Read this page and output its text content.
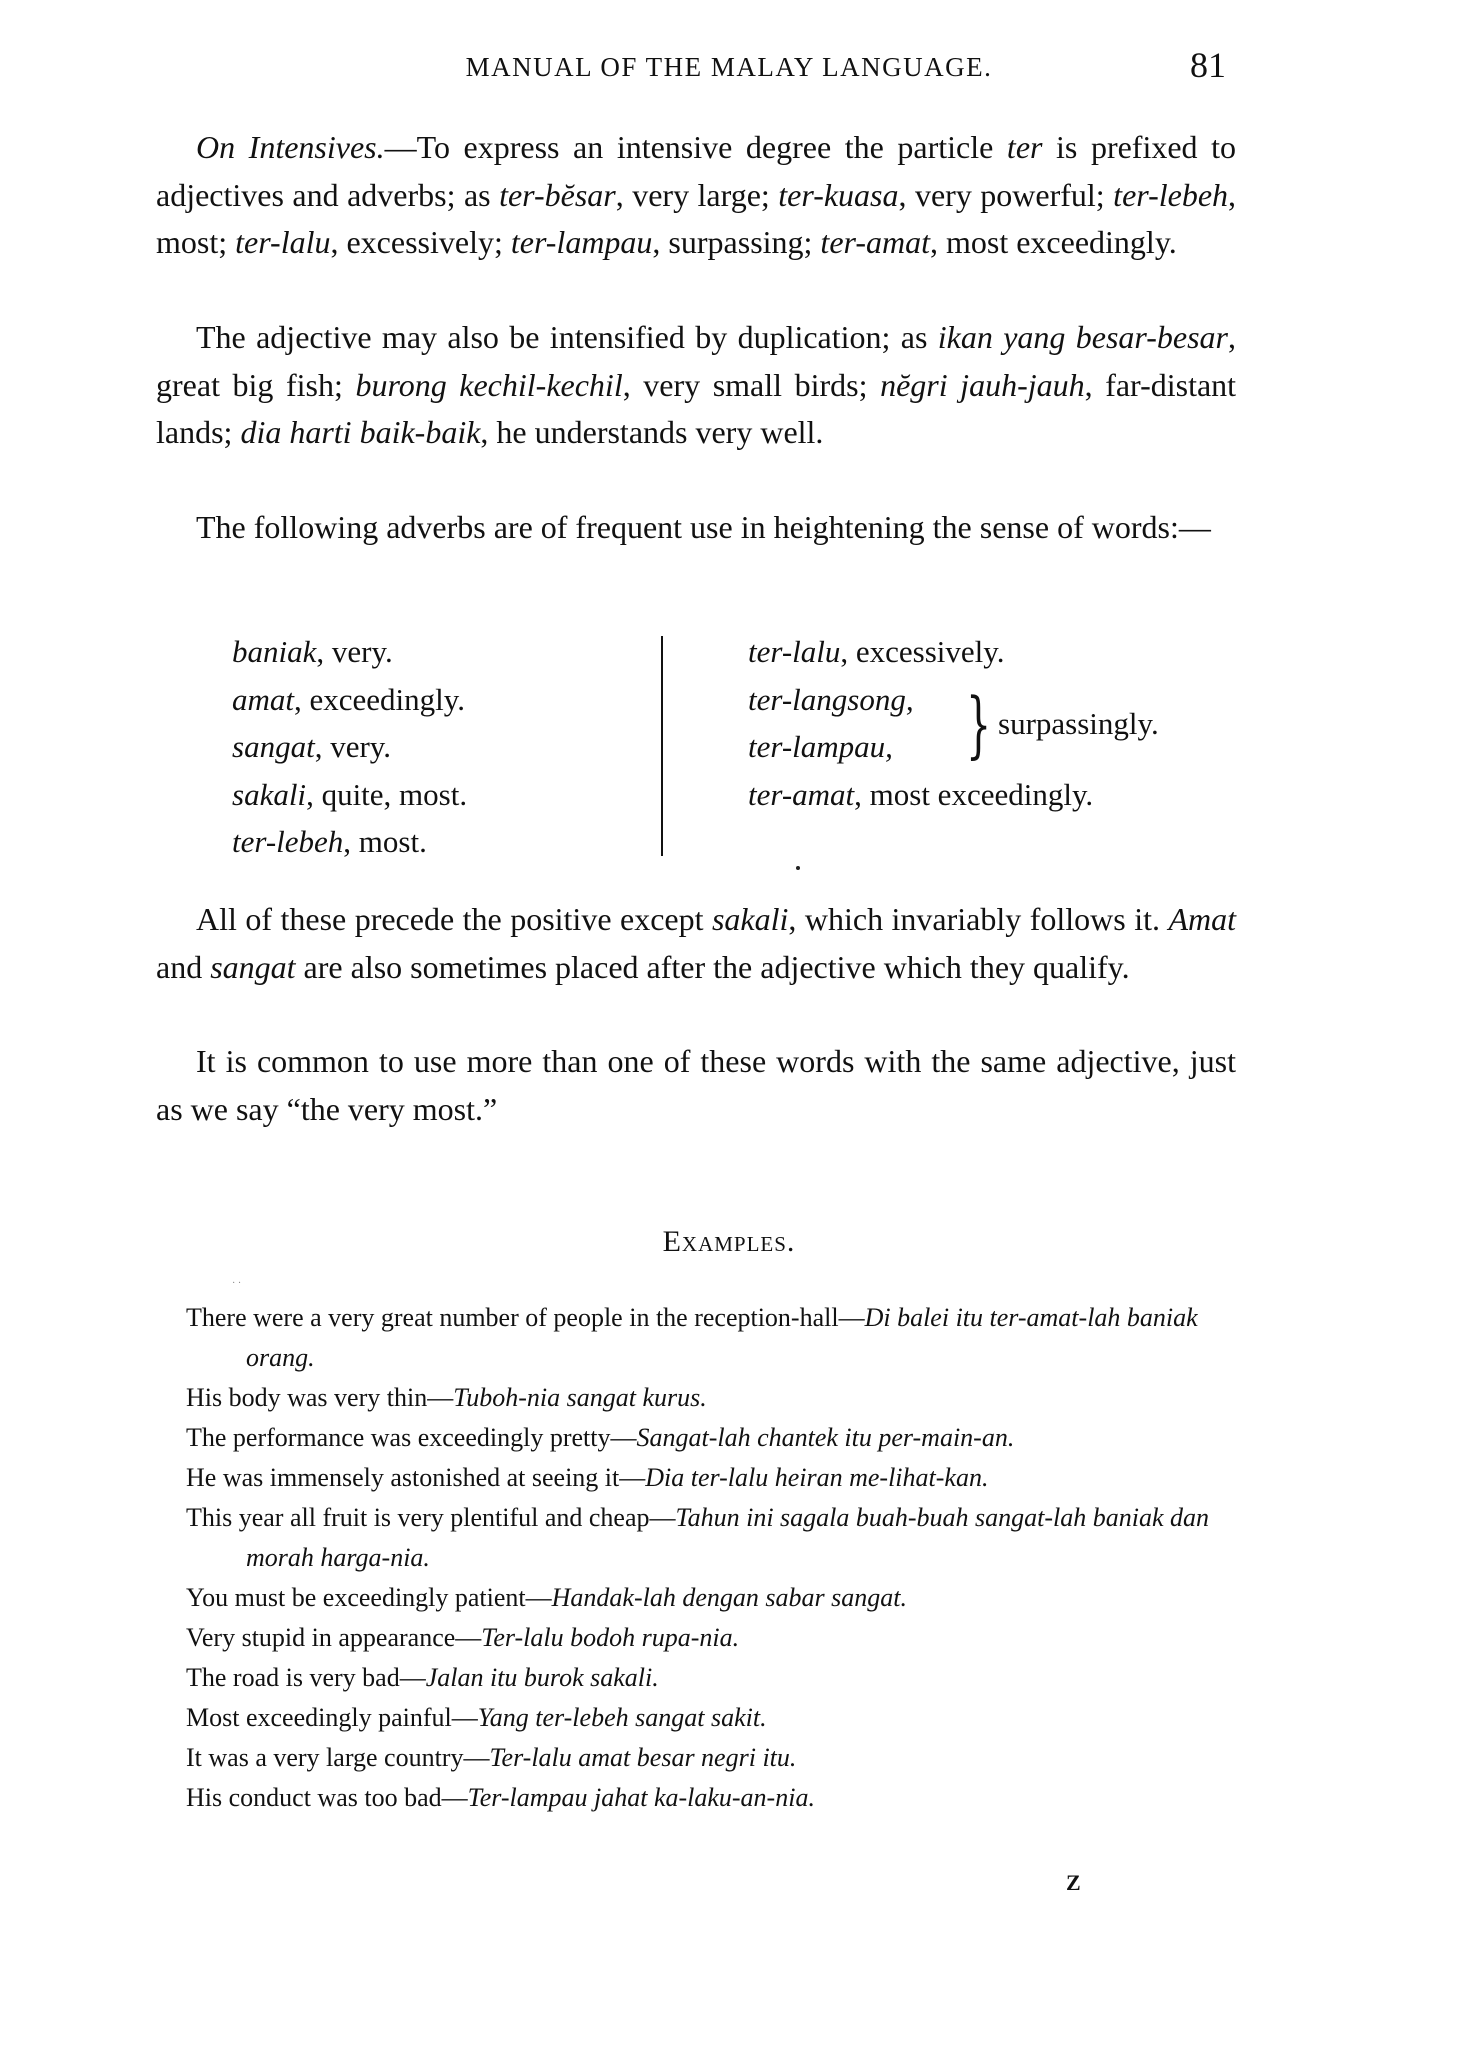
MANUAL OF THE MALAY LANGUAGE.	81
On Intensives.—To express an intensive degree the particle ter is prefixed to adjectives and adverbs; as ter-bĕsar, very large; ter-kuasa, very powerful; ter-lebeh, most; ter-lalu, excessively; ter-lampau, surpassing; ter-amat, most exceedingly.
The adjective may also be intensified by duplication; as ikan yang besar-besar, great big fish; burong kechil-kechil, very small birds; nĕgri jauh-jauh, far-distant lands; dia harti baik-baik, he understands very well.
The following adverbs are of frequent use in heightening the sense of words:—
baniak, very.
amat, exceedingly.
sangat, very.
sakali, quite, most.
ter-lebeh, most.
ter-lalu, excessively.
ter-langsong,
ter-lampau, } surpassingly.
ter-amat, most exceedingly.
All of these precede the positive except sakali, which invariably follows it. Amat and sangat are also sometimes placed after the adjective which they qualify.
It is common to use more than one of these words with the same adjective, just as we say “the very most.”
Examples.
· ·
There were a very great number of people in the reception-hall—Di balei itu ter-amat-lah baniak orang.
His body was very thin—Tuboh-nia sangat kurus.
The performance was exceedingly pretty—Sangat-lah chantek itu per-main-an.
He was immensely astonished at seeing it—Dia ter-lalu heiran me-lihat-kan.
This year all fruit is very plentiful and cheap—Tahun ini sagala buah-buah sangat-lah baniak dan morah harga-nia.
You must be exceedingly patient—Handak-lah dengan sabar sangat.
Very stupid in appearance—Ter-lalu bodoh rupa-nia.
The road is very bad—Jalan itu burok sakali.
Most exceedingly painful—Yang ter-lebeh sangat sakit.
It was a very large country—Ter-lalu amat besar negri itu.
His conduct was too bad—Ter-lampau jahat ka-laku-an-nia.
Z
